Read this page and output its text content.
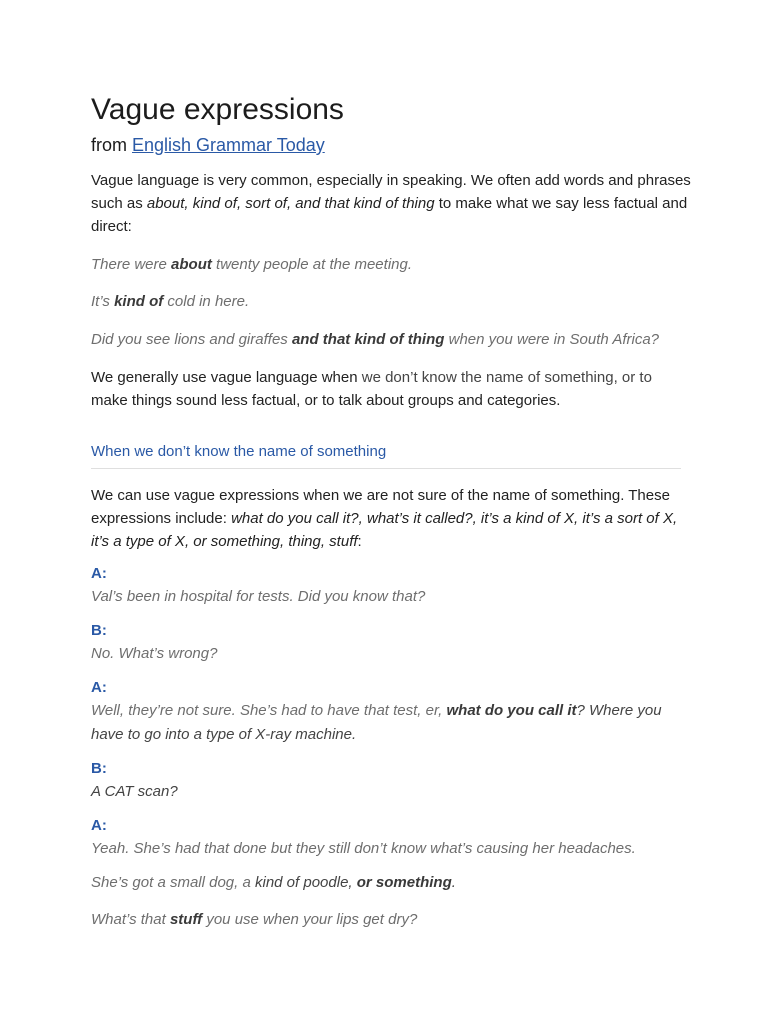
Vague expressions
from English Grammar Today

Vague language is very common, especially in speaking. We often add words and phrases such as about, kind of, sort of, and that kind of thing to make what we say less factual and direct:

There were about twenty people at the meeting.

It’s kind of cold in here.

Did you see lions and giraffes and that kind of thing when you were in South Africa?

We generally use vague language when we don’t know the name of something, or to make things sound less factual, or to talk about groups and categories.

When we don’t know the name of something

We can use vague expressions when we are not sure of the name of something. These expressions include: what do you call it?, what’s it called?, it’s a kind of X, it’s a sort of X, it’s a type of X, or something, thing, stuff:

A:
Val’s been in hospital for tests. Did you know that?
B:
No. What’s wrong?
A:
Well, they’re not sure. She’s had to have that test, er, what do you call it? Where you
have to go into a type of X-ray machine.
B:
A CAT scan?
A:
Yeah. She’s had that done but they still don’t know what’s causing her headaches.

She’s got a small dog, a kind of poodle, or something.

What’s that stuff you use when your lips get dry?
